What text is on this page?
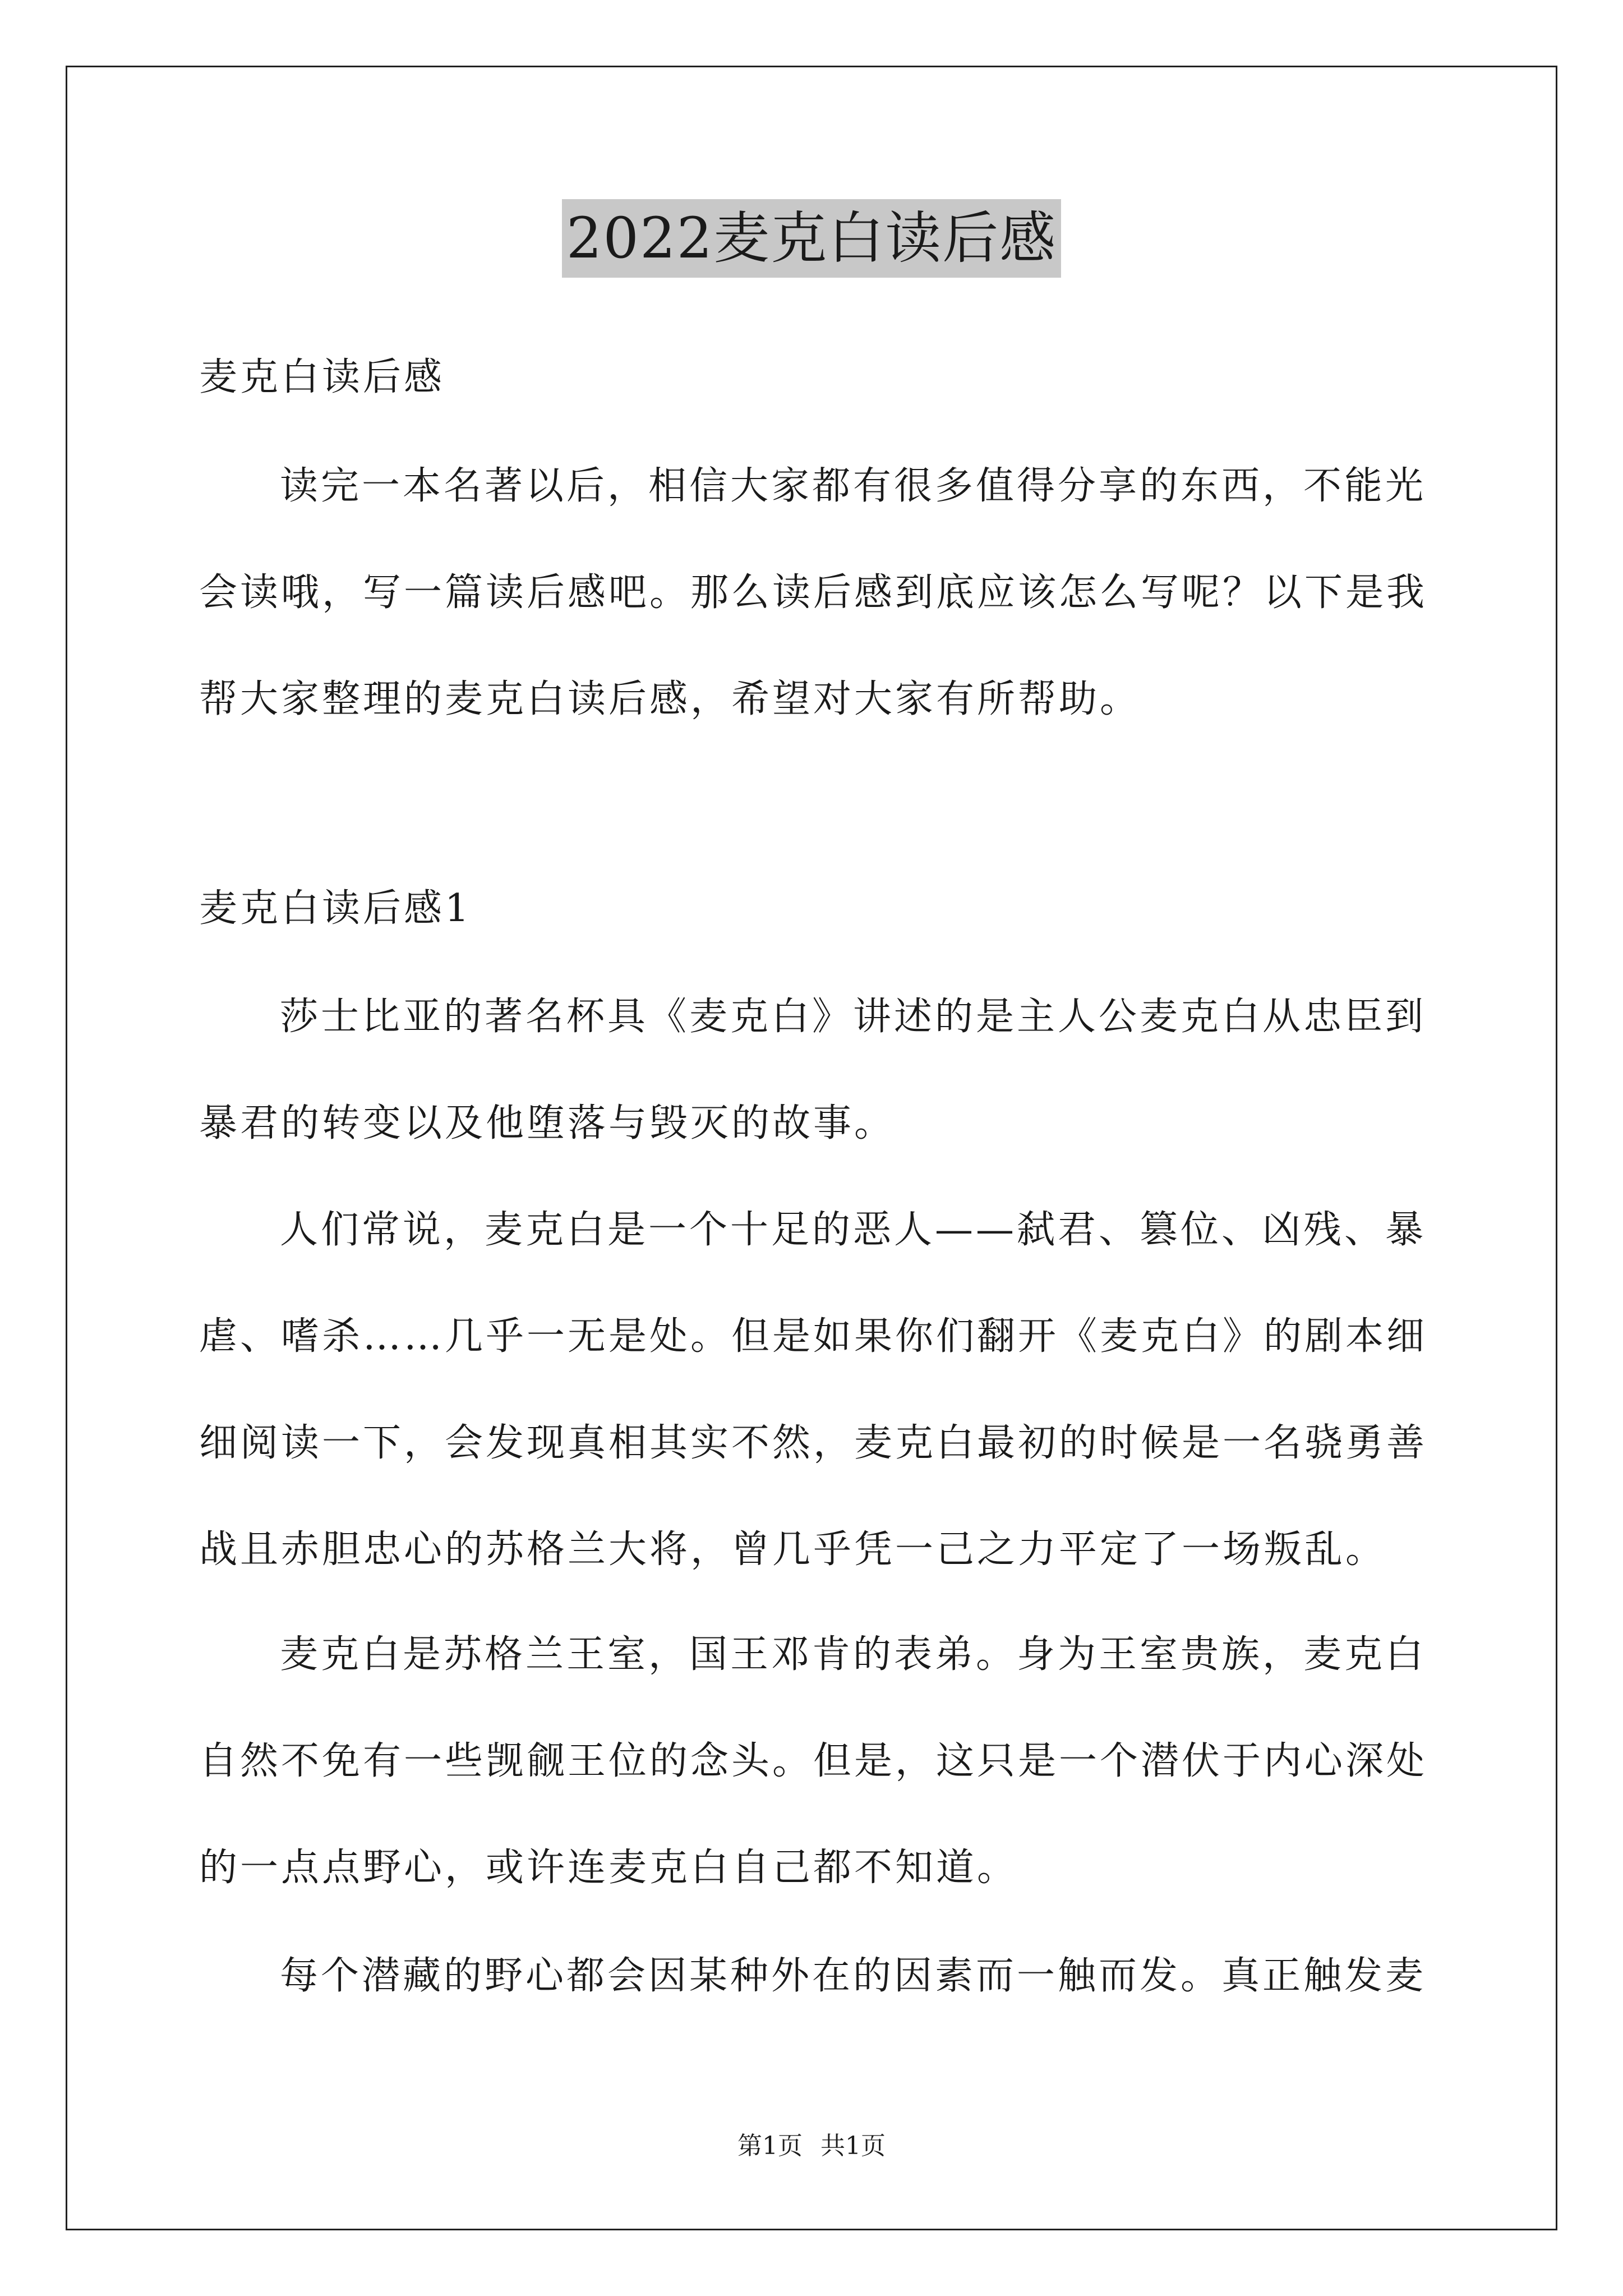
2022麦克白读后感
麦克白读后感
读完一本名著以后，相信大家都有很多值得分享的东西，不能光
会读哦，写一篇读后感吧。那么读后感到底应该怎么写呢？以下是我
帮大家整理的麦克白读后感，希望对大家有所帮助。
麦克白读后感1
莎士比亚的著名杯具《麦克白》讲述的是主人公麦克白从忠臣到
暴君的转变以及他堕落与毁灭的故事。
人们常说，麦克白是一个十足的恶人——弑君、篡位、凶残、暴
虐、嗜杀……几乎一无是处。但是如果你们翻开《麦克白》的剧本细
细阅读一下，会发现真相其实不然，麦克白最初的时候是一名骁勇善
战且赤胆忠心的苏格兰大将，曾几乎凭一己之力平定了一场叛乱。
麦克白是苏格兰王室，国王邓肯的表弟。身为王室贵族，麦克白
自然不免有一些觊觎王位的念头。但是，这只是一个潜伏于内心深处
的一点点野心，或许连麦克白自己都不知道。
每个潜藏的野心都会因某种外在的因素而一触而发。真正触发麦
第1页 共1页
